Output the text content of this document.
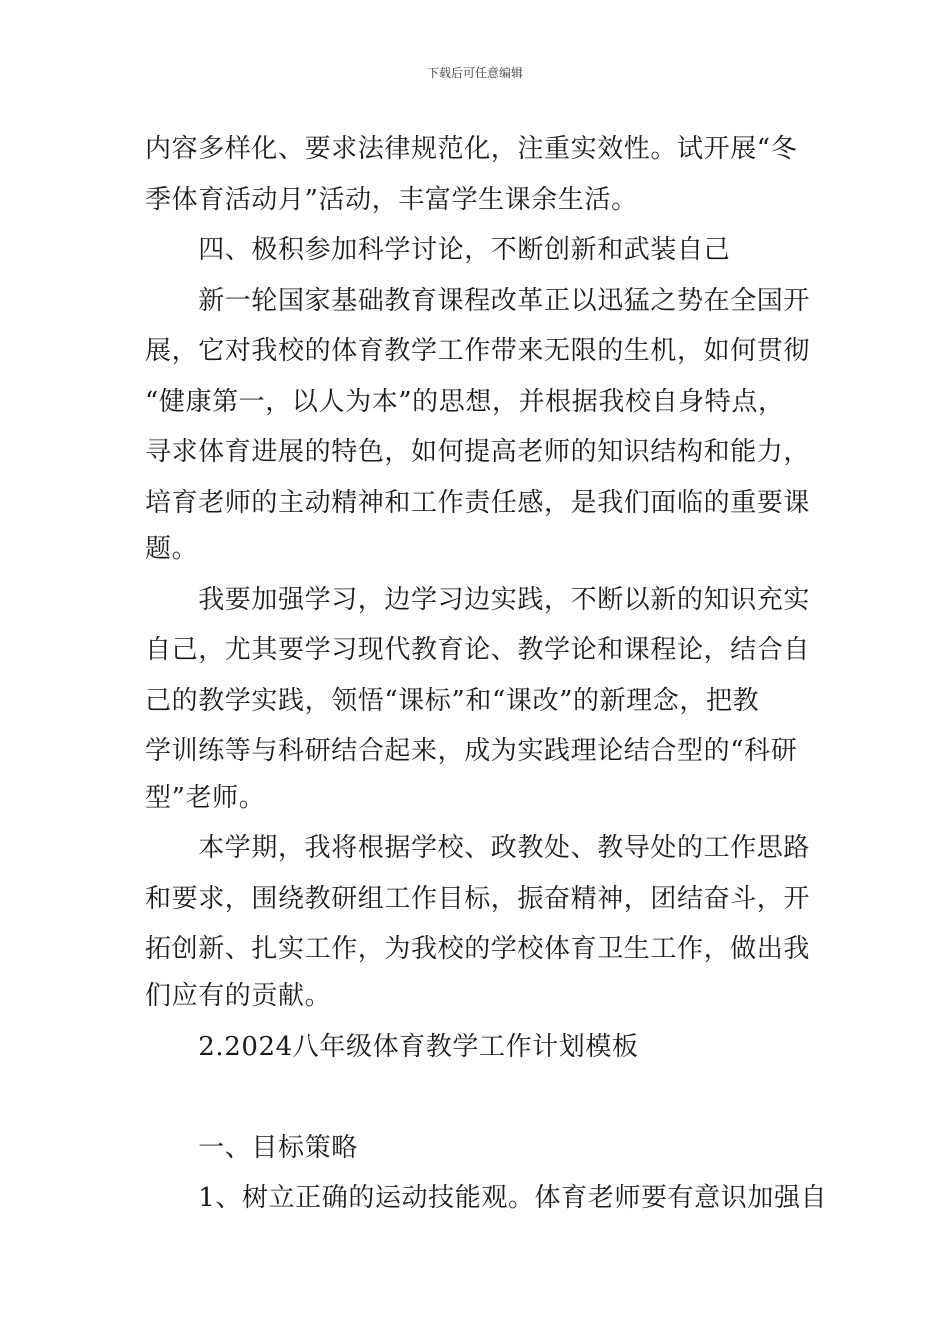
下载后可任意编辑
内容多样化、要求法律规范化，注重实效性。试开展“冬
季体育活动月”活动，丰富学生课余生活。
　　四、极积参加科学讨论，不断创新和武装自己
　　新一轮国家基础教育课程改革正以迅猛之势在全国开
展，它对我校的体育教学工作带来无限的生机，如何贯彻
“健康第一，以人为本”的思想，并根据我校自身特点，
寻求体育进展的特色，如何提高老师的知识结构和能力，
培育老师的主动精神和工作责任感，是我们面临的重要课
题。
　　我要加强学习，边学习边实践，不断以新的知识充实
自己，尤其要学习现代教育论、教学论和课程论，结合自
己的教学实践，领悟“课标”和“课改”的新理念，把教
学训练等与科研结合起来，成为实践理论结合型的“科研
型”老师。
　　本学期，我将根据学校、政教处、教导处的工作思路
和要求，围绕教研组工作目标，振奋精神，团结奋斗，开
拓创新、扎实工作，为我校的学校体育卫生工作，做出我
们应有的贡献。
　　2.2024八年级体育教学工作计划模板
　　一、目标策略
　　1、树立正确的运动技能观。体育老师要有意识加强自
